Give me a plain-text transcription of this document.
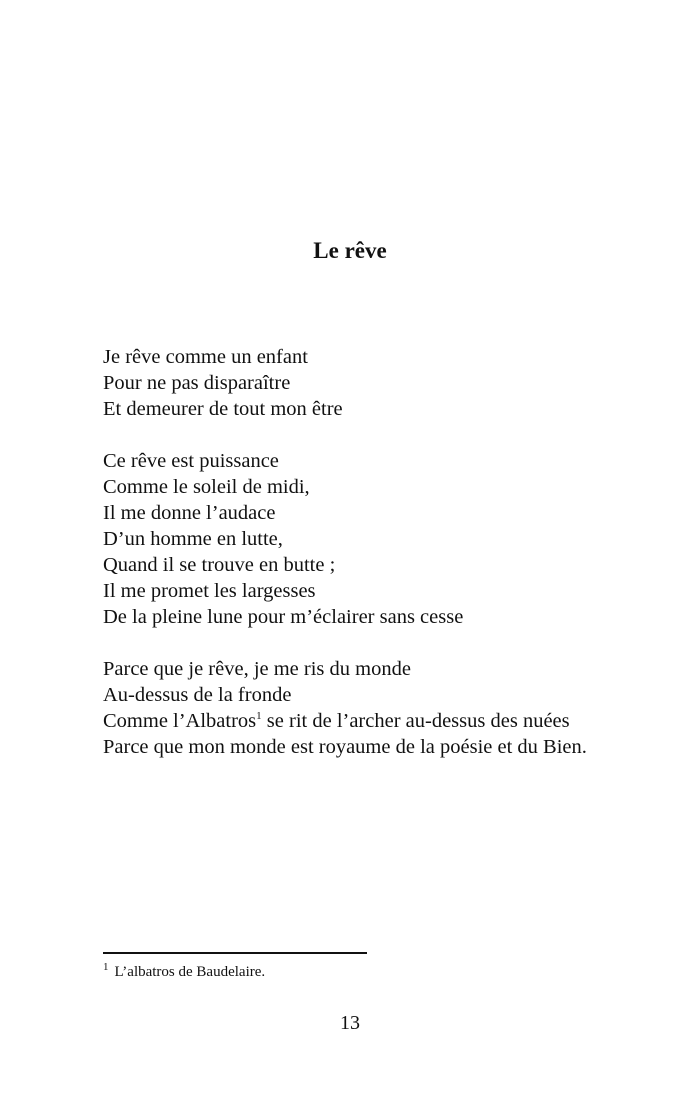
Le rêve
Je rêve comme un enfant
Pour ne pas disparaître
Et demeurer de tout mon être
Ce rêve est puissance
Comme le soleil de midi,
Il me donne l’audace
D’un homme en lutte,
Quand il se trouve en butte ;
Il me promet les largesses
De la pleine lune pour m’éclairer sans cesse
Parce que je rêve, je me ris du monde
Au-dessus de la fronde
Comme l’Albatros$^1$ se rit de l’archer au-dessus des nuées
Parce que mon monde est royaume de la poésie et du Bien.
$^1$ L’albatros de Baudelaire.
13
